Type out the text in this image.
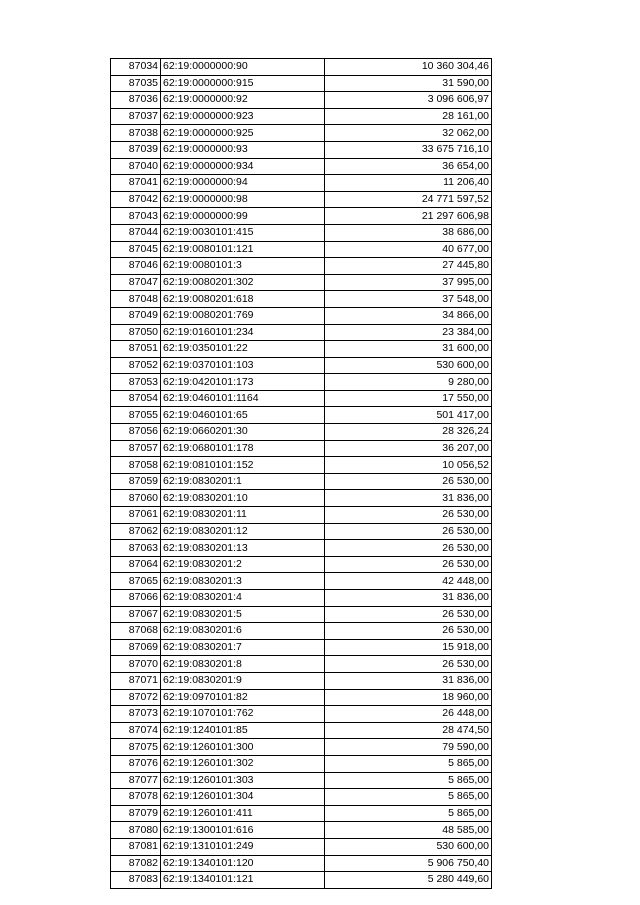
87034	62:19:0000000:90	10 360 304,46
87035	62:19:0000000:915	31 590,00
87036	62:19:0000000:92	3 096 606,97
87037	62:19:0000000:923	28 161,00
87038	62:19:0000000:925	32 062,00
87039	62:19:0000000:93	33 675 716,10
87040	62:19:0000000:934	36 654,00
87041	62:19:0000000:94	11 206,40
87042	62:19:0000000:98	24 771 597,52
87043	62:19:0000000:99	21 297 606,98
87044	62:19:0030101:415	38 686,00
87045	62:19:0080101:121	40 677,00
87046	62:19:0080101:3	27 445,80
87047	62:19:0080201:302	37 995,00
87048	62:19:0080201:618	37 548,00
87049	62:19:0080201:769	34 866,00
87050	62:19:0160101:234	23 384,00
87051	62:19:0350101:22	31 600,00
87052	62:19:0370101:103	530 600,00
87053	62:19:0420101:173	9 280,00
87054	62:19:0460101:1164	17 550,00
87055	62:19:0460101:65	501 417,00
87056	62:19:0660201:30	28 326,24
87057	62:19:0680101:178	36 207,00
87058	62:19:0810101:152	10 056,52
87059	62:19:0830201:1	26 530,00
87060	62:19:0830201:10	31 836,00
87061	62:19:0830201:11	26 530,00
87062	62:19:0830201:12	26 530,00
87063	62:19:0830201:13	26 530,00
87064	62:19:0830201:2	26 530,00
87065	62:19:0830201:3	42 448,00
87066	62:19:0830201:4	31 836,00
87067	62:19:0830201:5	26 530,00
87068	62:19:0830201:6	26 530,00
87069	62:19:0830201:7	15 918,00
87070	62:19:0830201:8	26 530,00
87071	62:19:0830201:9	31 836,00
87072	62:19:0970101:82	18 960,00
87073	62:19:1070101:762	26 448,00
87074	62:19:1240101:85	28 474,50
87075	62:19:1260101:300	79 590,00
87076	62:19:1260101:302	5 865,00
87077	62:19:1260101:303	5 865,00
87078	62:19:1260101:304	5 865,00
87079	62:19:1260101:411	5 865,00
87080	62:19:1300101:616	48 585,00
87081	62:19:1310101:249	530 600,00
87082	62:19:1340101:120	5 906 750,40
87083	62:19:1340101:121	5 280 449,60
